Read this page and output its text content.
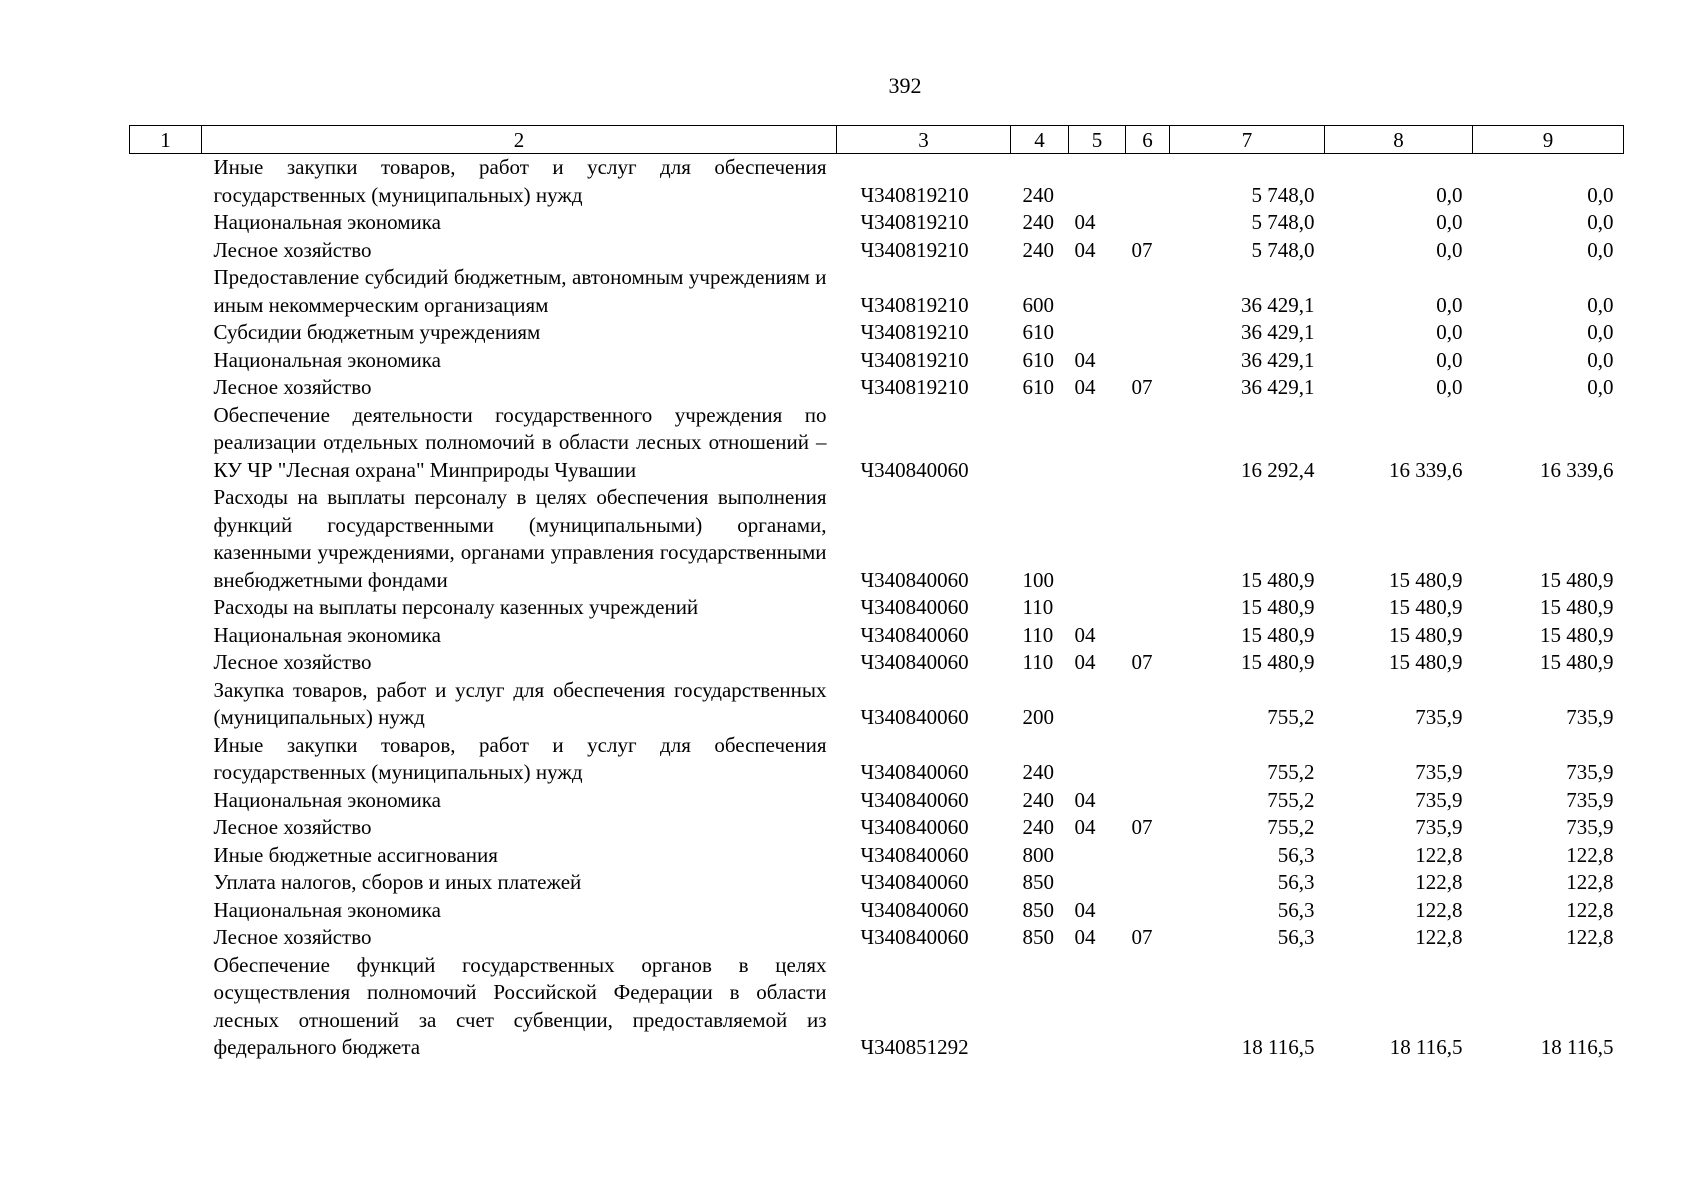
392
1	2	3	4	5	6	7	8	9
	Иные закупки товаров, работ и услуг для обеспечения государственных (муниципальных) нужд	Ч340819210	240			5 748,0	0,0	0,0
	Национальная экономика	Ч340819210	240	04		5 748,0	0,0	0,0
	Лесное хозяйство	Ч340819210	240	04	07	5 748,0	0,0	0,0
	Предоставление субсидий бюджетным, автономным учреждениям и иным некоммерческим организациям	Ч340819210	600			36 429,1	0,0	0,0
	Субсидии бюджетным учреждениям	Ч340819210	610			36 429,1	0,0	0,0
	Национальная экономика	Ч340819210	610	04		36 429,1	0,0	0,0
	Лесное хозяйство	Ч340819210	610	04	07	36 429,1	0,0	0,0
	Обеспечение деятельности государственного учреждения по реализации отдельных полномочий в области лесных отношений – КУ ЧР "Лесная охрана" Минприроды Чувашии	Ч340840060				16 292,4	16 339,6	16 339,6
	Расходы на выплаты персоналу в целях обеспечения выполнения функций государственными (муниципальными) органами, казенными учреждениями, органами управления государственными внебюджетными фондами	Ч340840060	100			15 480,9	15 480,9	15 480,9
	Расходы на выплаты персоналу казенных учреждений	Ч340840060	110			15 480,9	15 480,9	15 480,9
	Национальная экономика	Ч340840060	110	04		15 480,9	15 480,9	15 480,9
	Лесное хозяйство	Ч340840060	110	04	07	15 480,9	15 480,9	15 480,9
	Закупка товаров, работ и услуг для обеспечения государственных (муниципальных) нужд	Ч340840060	200			755,2	735,9	735,9
	Иные закупки товаров, работ и услуг для обеспечения государственных (муниципальных) нужд	Ч340840060	240			755,2	735,9	735,9
	Национальная экономика	Ч340840060	240	04		755,2	735,9	735,9
	Лесное хозяйство	Ч340840060	240	04	07	755,2	735,9	735,9
	Иные бюджетные ассигнования	Ч340840060	800			56,3	122,8	122,8
	Уплата налогов, сборов и иных платежей	Ч340840060	850			56,3	122,8	122,8
	Национальная экономика	Ч340840060	850	04		56,3	122,8	122,8
	Лесное хозяйство	Ч340840060	850	04	07	56,3	122,8	122,8
	Обеспечение функций государственных органов в целях осуществления полномочий Российской Федерации в области лесных отношений за счет субвенции, предоставляемой из федерального бюджета	Ч340851292				18 116,5	18 116,5	18 116,5
